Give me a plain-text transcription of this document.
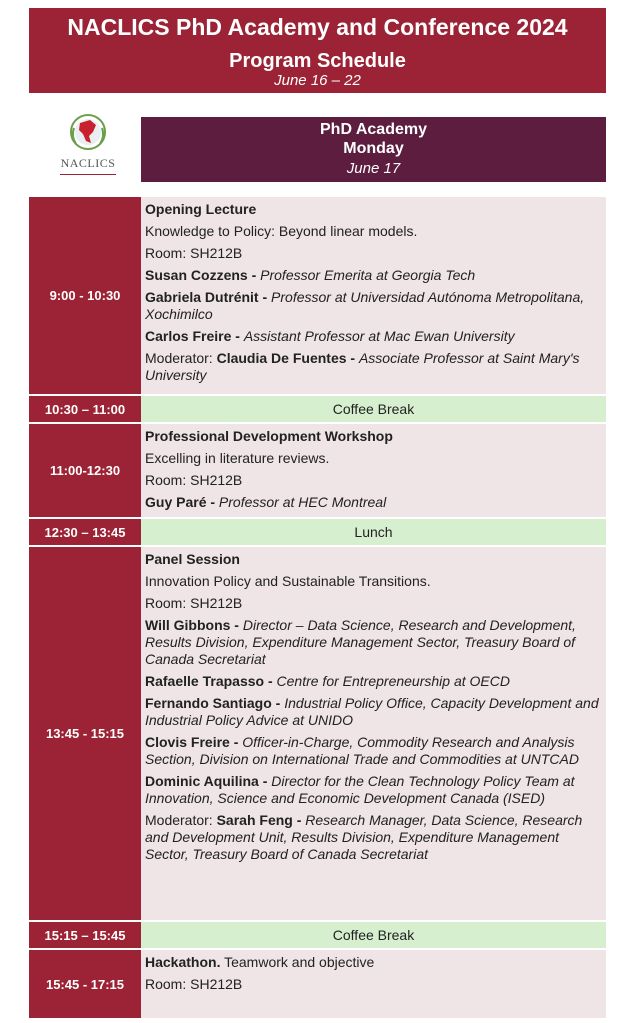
NACLICS PhD Academy and Conference 2024
Program Schedule
June 16 – 22
NACLICS
PhD Academy
Monday
June 17
9:00 - 10:30

Opening Lecture

Knowledge to Policy: Beyond linear models.

Room: SH212B

Susan Cozzens - Professor Emerita at Georgia Tech

Gabriela Dutrénit - Professor at Universidad Autónoma Metropolitana, Xochimilco

Carlos Freire - Assistant Professor at Mac Ewan University

Moderator: Claudia De Fuentes - Associate Professor at Saint Mary's University

10:30 – 11:00	Coffee Break
11:00-12:30

Professional Development Workshop

Excelling in literature reviews.

Room: SH212B

Guy Paré - Professor at HEC Montreal

12:30 – 13:45	Lunch
13:45 - 15:15

Panel Session

Innovation Policy and Sustainable Transitions.

Room: SH212B

Will Gibbons - Director – Data Science, Research and Development, Results Division, Expenditure Management Sector, Treasury Board of Canada Secretariat

Rafaelle Trapasso - Centre for Entrepreneurship at OECD

Fernando Santiago - Industrial Policy Office, Capacity Development and Industrial Policy Advice at UNIDO

Clovis Freire - Officer-in-Charge, Commodity Research and Analysis Section, Division on International Trade and Commodities at UNTCAD

Dominic Aquilina - Director for the Clean Technology Policy Team at Innovation, Science and Economic Development Canada (ISED)

Moderator: Sarah Feng - Research Manager, Data Science, Research and Development Unit, Results Division, Expenditure Management Sector, Treasury Board of Canada Secretariat

15:15 – 15:45	Coffee Break
15:45 - 17:15

Hackathon. Teamwork and objective

Room: SH212B
